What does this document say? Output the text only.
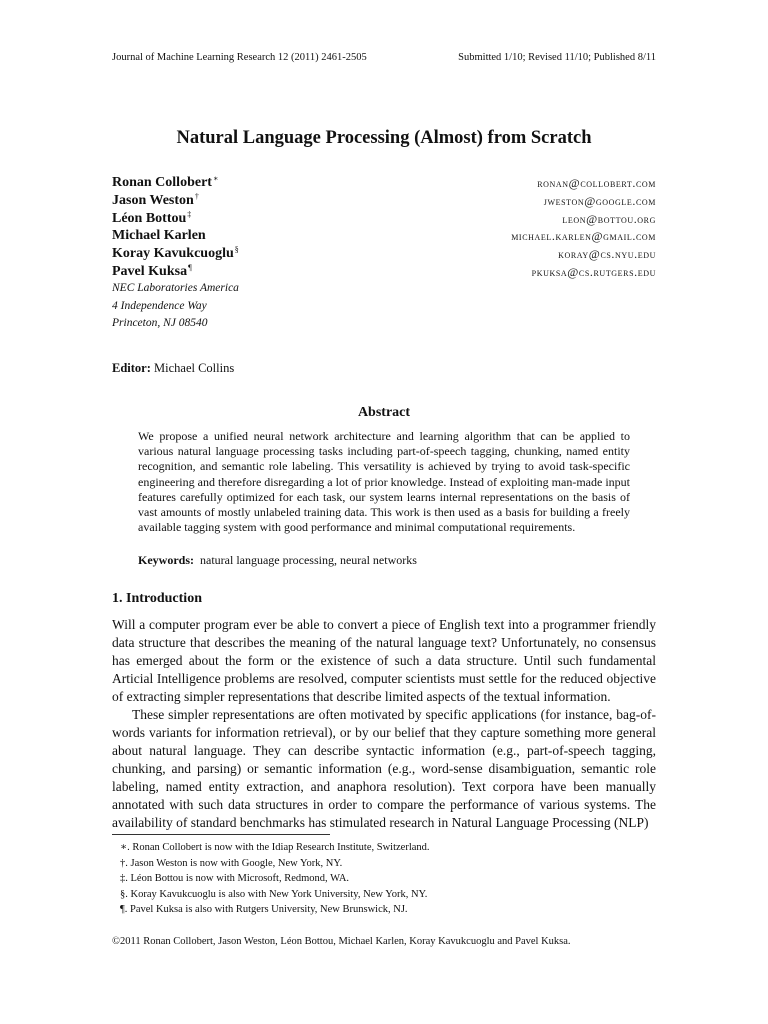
Journal of Machine Learning Research 12 (2011) 2461-2505	Submitted 1/10; Revised 11/10; Published 8/11
Natural Language Processing (Almost) from Scratch
Ronan Collobert∗	ronan@collobert.com
Jason Weston†	jweston@google.com
Léon Bottou‡	leon@bottou.org
Michael Karlen	michael.karlen@gmail.com
Koray Kavukcuoglu§	koray@cs.nyu.edu
Pavel Kuksa¶	pkuksa@cs.rutgers.edu
NEC Laboratories America
4 Independence Way
Princeton, NJ 08540
Editor: Michael Collins
Abstract
We propose a unified neural network architecture and learning algorithm that can be applied to various natural language processing tasks including part-of-speech tagging, chunking, named entity recognition, and semantic role labeling. This versatility is achieved by trying to avoid task-specific engineering and therefore disregarding a lot of prior knowledge. Instead of exploiting man-made input features carefully optimized for each task, our system learns internal representations on the basis of vast amounts of mostly unlabeled training data. This work is then used as a basis for building a freely available tagging system with good performance and minimal computational requirements.
Keywords:  natural language processing, neural networks
1. Introduction

Will a computer program ever be able to convert a piece of English text into a programmer friendly data structure that describes the meaning of the natural language text? Unfortunately, no consensus has emerged about the form or the existence of such a data structure. Until such fundamental Articial Intelligence problems are resolved, computer scientists must settle for the reduced objective of extracting simpler representations that describe limited aspects of the textual information.

These simpler representations are often motivated by specific applications (for instance, bag-of-words variants for information retrieval), or by our belief that they capture something more general about natural language. They can describe syntactic information (e.g., part-of-speech tagging, chunking, and parsing) or semantic information (e.g., word-sense disambiguation, semantic role labeling, named entity extraction, and anaphora resolution). Text corpora have been manually annotated with such data structures in order to compare the performance of various systems. The availability of standard benchmarks has stimulated research in Natural Language Processing (NLP)

∗. Ronan Collobert is now with the Idiap Research Institute, Switzerland.
†. Jason Weston is now with Google, New York, NY.
‡. Léon Bottou is now with Microsoft, Redmond, WA.
§. Koray Kavukcuoglu is also with New York University, New York, NY.
¶. Pavel Kuksa is also with Rutgers University, New Brunswick, NJ.
©2011 Ronan Collobert, Jason Weston, Léon Bottou, Michael Karlen, Koray Kavukcuoglu and Pavel Kuksa.
